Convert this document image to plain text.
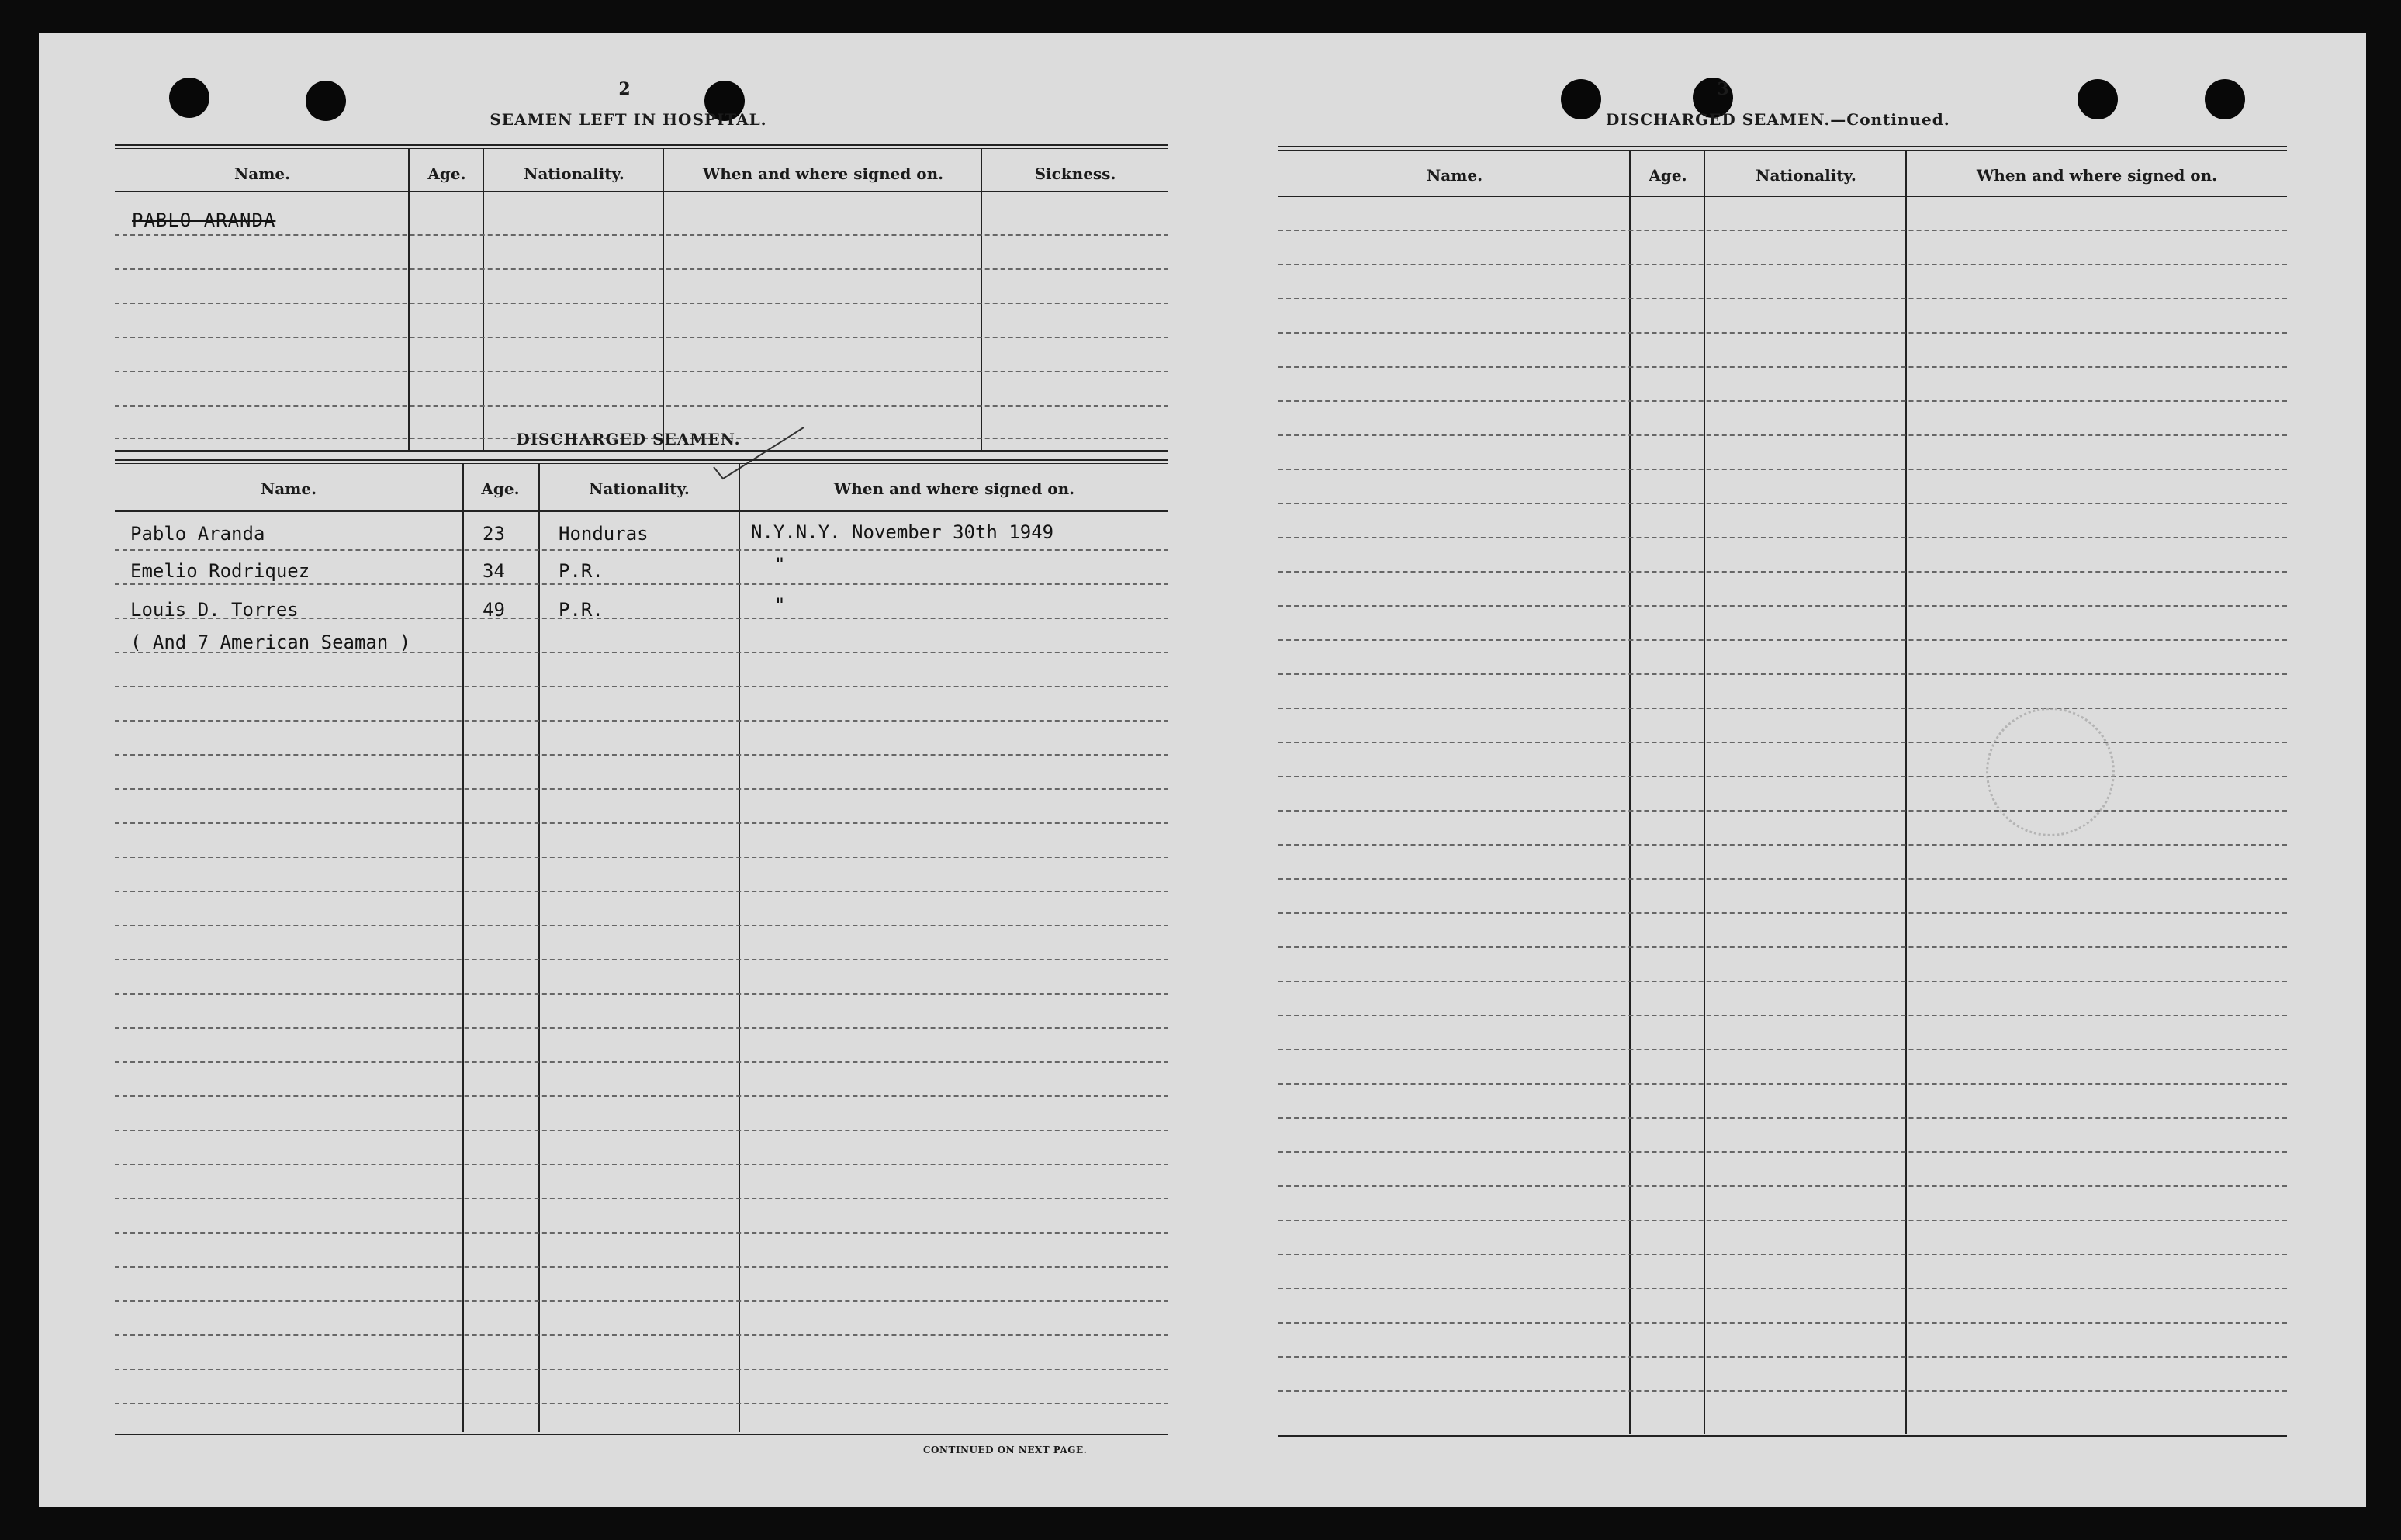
2
SEAMEN LEFT IN HOSPITAL.
Name.	Age.	Nationality.	When and where signed on.	Sickness.
PABLO ARANDA
DISCHARGED SEAMEN.
Name.	Age.	Nationality.	When and where signed on.
Pablo Aranda	23	Honduras	N.Y.N.Y. November 30th 1949
Emelio Rodriquez	34	P.R.	"
Louis D. Torres	49	P.R.	"
( And 7 American Seaman )
CONTINUED ON NEXT PAGE.
3
DISCHARGED SEAMEN.—Continued.
Name.	Age.	Nationality.	When and where signed on.
